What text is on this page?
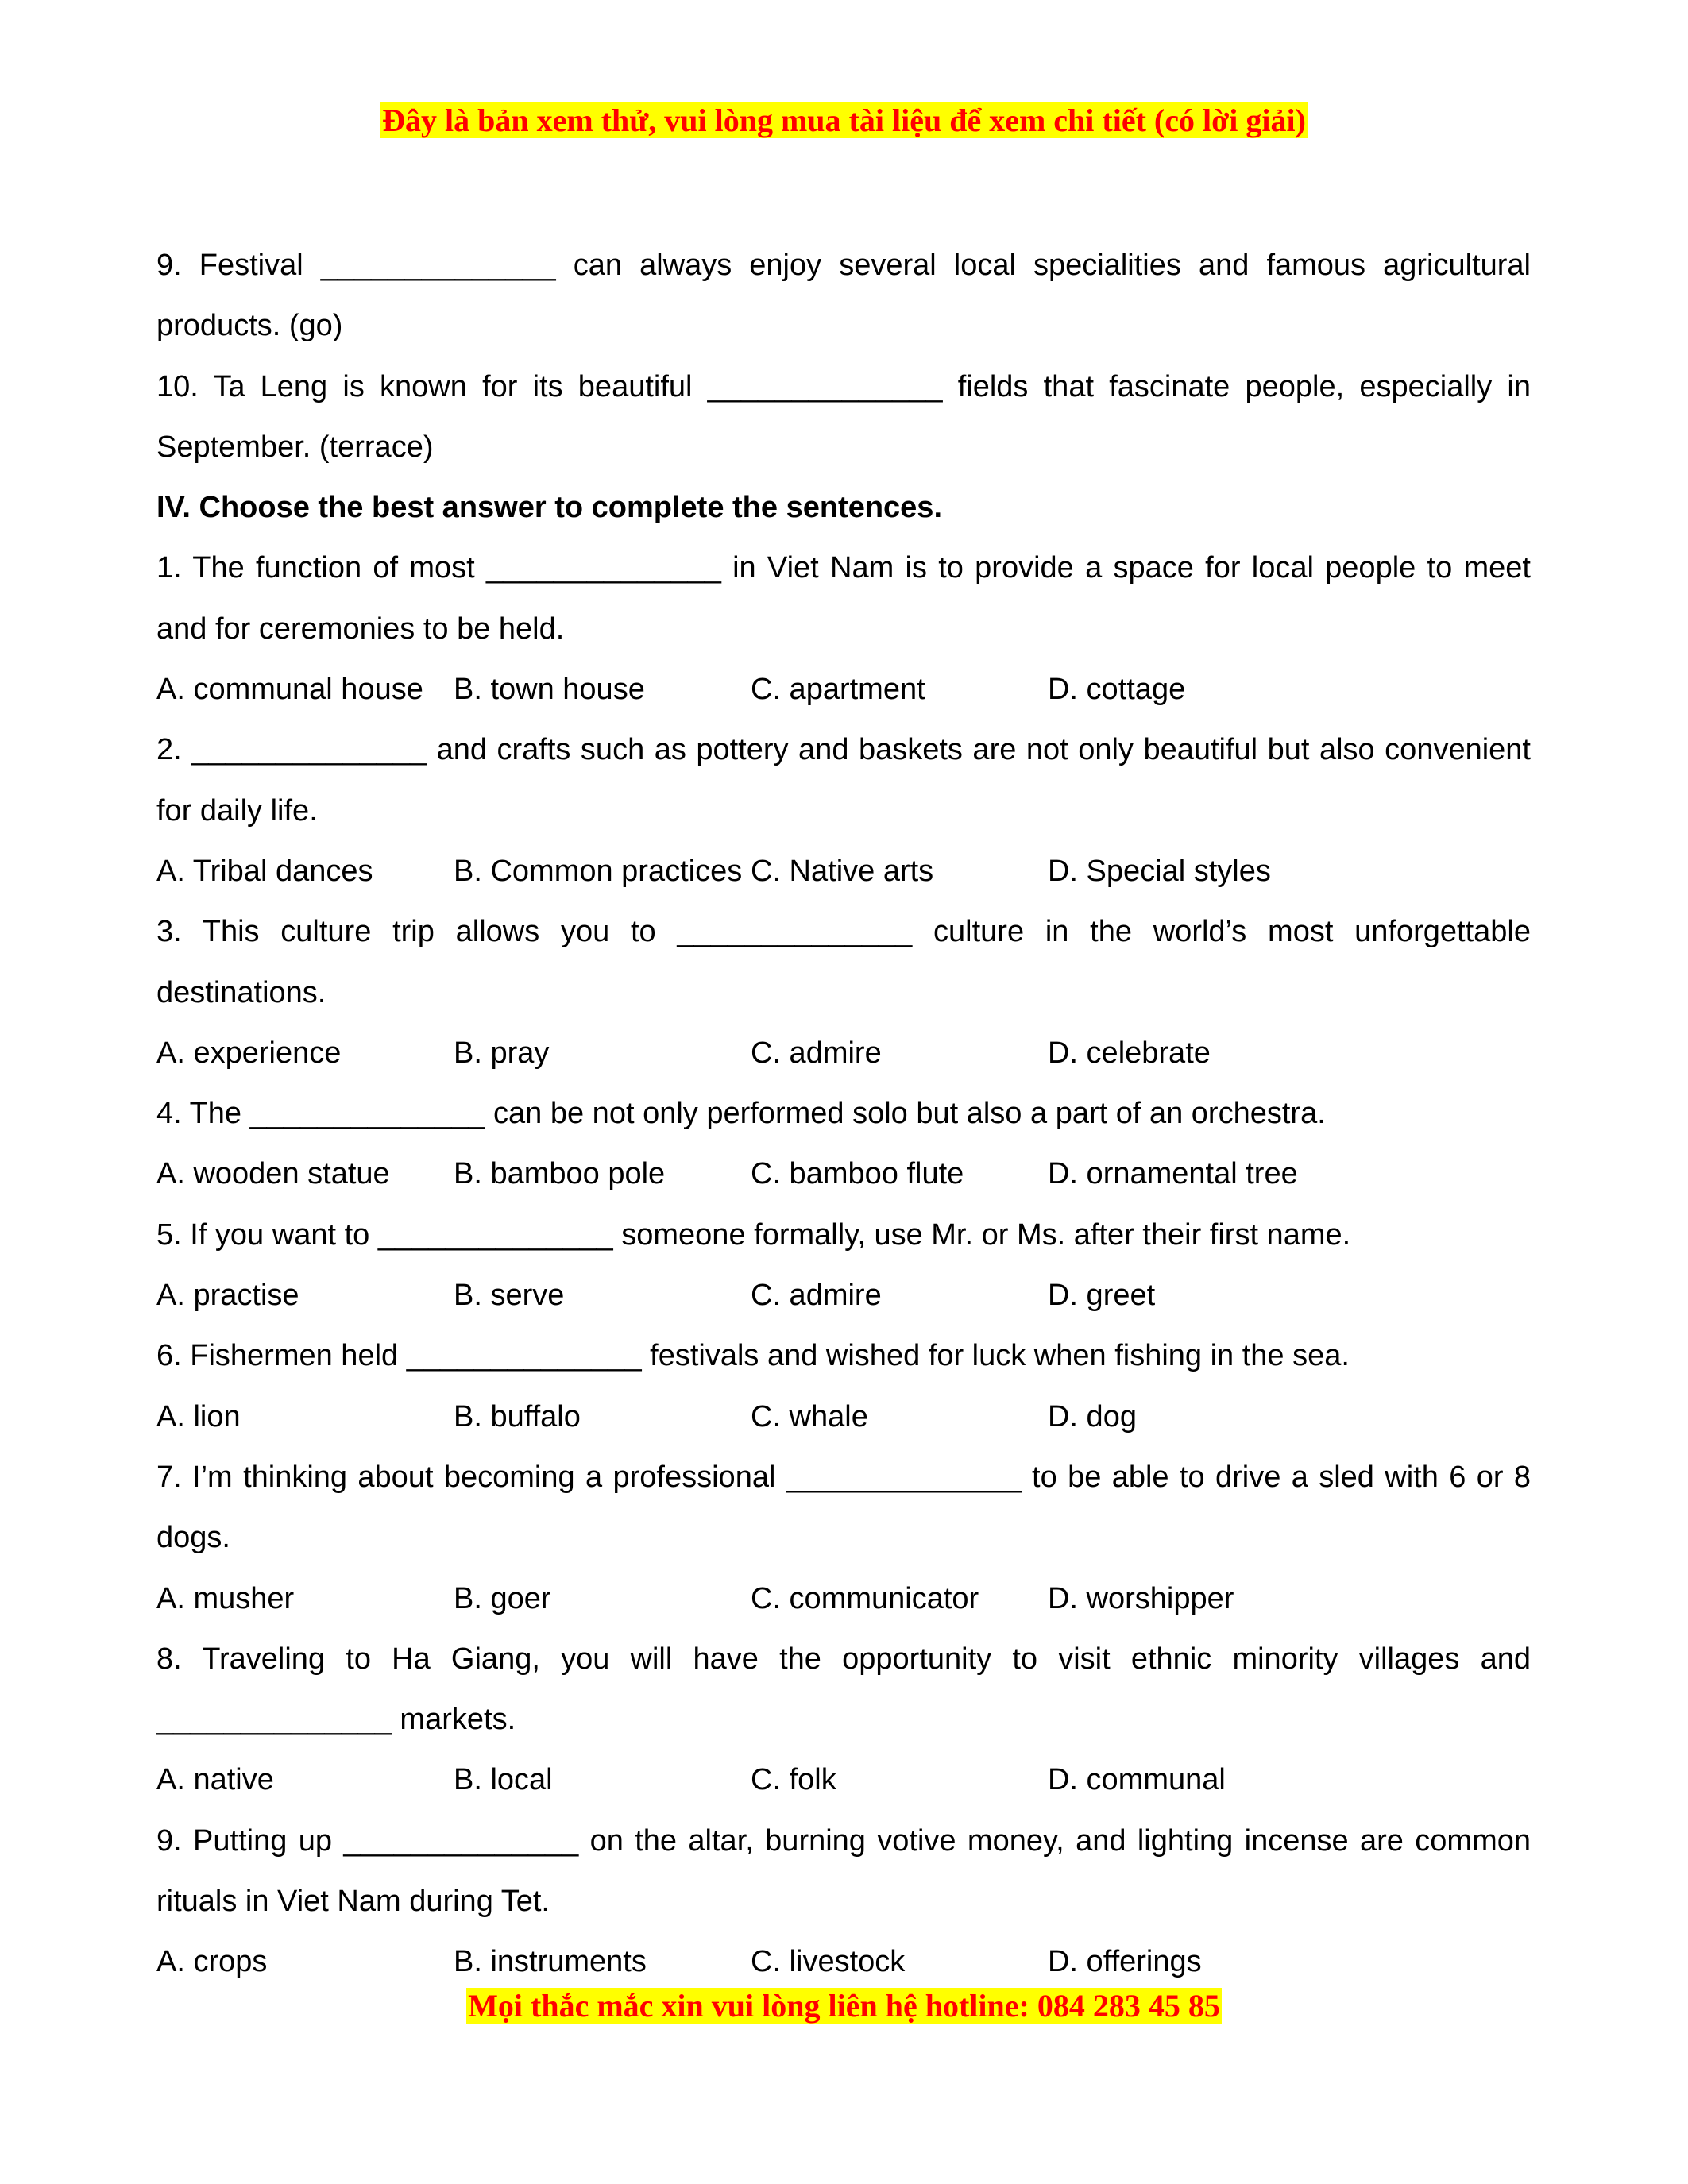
Đây là bản xem thử, vui lòng mua tài liệu để xem chi tiết (có lời giải)

9. Festival ______________ can always enjoy several local specialities and famous agricultural products. (go)

10. Ta Leng is known for its beautiful ______________ fields that fascinate people, especially in September. (terrace)

IV. Choose the best answer to complete the sentences.

1. The function of most ______________ in Viet Nam is to provide a space for local people to meet and for ceremonies to be held.

A. communal house	B. town house	C. apartment	D. cottage

2. ______________ and crafts such as pottery and baskets are not only beautiful but also convenient for daily life.

A. Tribal dances	B. Common practices C. Native arts	D. Special styles

3. This culture trip allows you to ______________ culture in the world’s most unforgettable destinations.

A. experience	B. pray	C. admire	D. celebrate

4. The ______________ can be not only performed solo but also a part of an orchestra.

A. wooden statue	B. bamboo pole	C. bamboo flute	D. ornamental tree

5. If you want to ______________ someone formally, use Mr. or Ms. after their first name.

A. practise	B. serve	C. admire	D. greet

6. Fishermen held ______________ festivals and wished for luck when fishing in the sea.

A. lion	B. buffalo	C. whale	D. dog

7. I’m thinking about becoming a professional ______________ to be able to drive a sled with 6 or 8 dogs.

A. musher	B. goer	C. communicator	D. worshipper

8. Traveling to Ha Giang, you will have the opportunity to visit ethnic minority villages and ______________ markets.

A. native	B. local	C. folk	D. communal

9. Putting up ______________ on the altar, burning votive money, and lighting incense are common rituals in Viet Nam during Tet.

A. crops	B. instruments	C. livestock	D. offerings
Mọi thắc mắc xin vui lòng liên hệ hotline: 084 283 45 85
